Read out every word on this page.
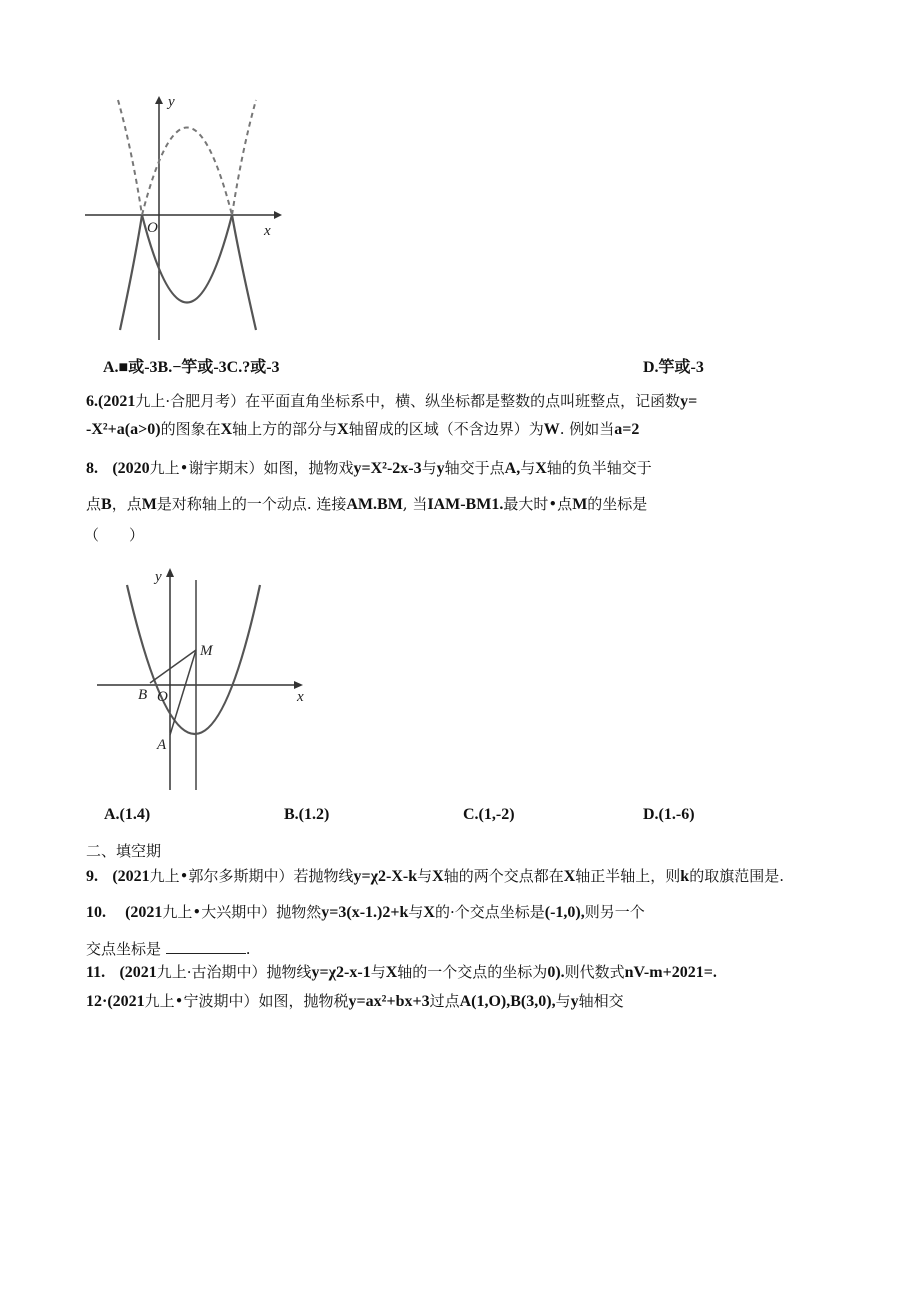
x
y
O
A.■或-3B.−竽或-3C.?或-3	D.竽或-3
6.(2021九上·合肥月考）在平面直角坐标系中，横、纵坐标都是整数的点叫班整点，记函数y=
-X²+a(a>0)的图象在X轴上方的部分与X轴留成的区域（不含边界）为W. 例如当a=2
8. (2020九上•谢宇期末）如图，抛物戏y=X²-2x-3与y轴交于点A,与X轴的负半轴交于
点B，点M是对称轴上的一个动点. 连接AM.BM, 当IAM-BM1.最大时•点M的坐标是
（　　）
x
y
O
B
A
M
A.(1.4)	B.(1.2)	C.(1,-2)	D.(1.-6)
二、填空期
9. (2021九上•郭尔多斯期中）若抛物线y=χ2-X-k与X轴的两个交点都在X轴正半轴上，则k的取旗范围是.
10. (2021九上•大兴期中）抛物然y=3(x-1.)2+k与X的·个交点坐标是(-1,0),则另一个
交点坐标是	.
11. (2021九上·古治期中）抛物线y=χ2-x-1与X轴的一个交点的坐标为0).则代数式nV-m+2021=.
12·(2021九上•宁波期中）如图，抛物税y=ax²+bx+3过点A(1,O),B(3,0),与y轴相交
